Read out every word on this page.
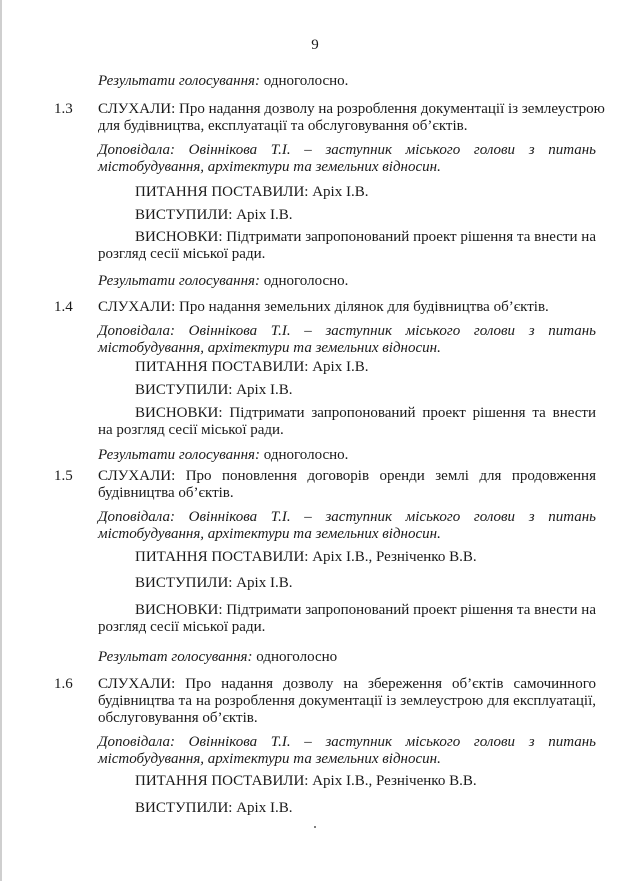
9
Результати голосування: одноголосно.
1.3 СЛУХАЛИ: Про надання дозволу на розроблення документації із землеустрою
для будівництва, експлуатації та обслуговування об’єктів.
Доповідала: Овіннікова Т.І. – заступник міського голови з питань
містобудування, архітектури та земельних відносин.
ПИТАННЯ ПОСТАВИЛИ: Аріх І.В.
ВИСТУПИЛИ: Аріх І.В.
ВИСНОВКИ: Підтримати запропонований проект рішення та внести на
розгляд сесії міської ради.
Результати голосування: одноголосно.
1.4 СЛУХАЛИ: Про надання земельних ділянок для будівництва об’єктів.
Доповідала: Овіннікова Т.І. – заступник міського голови з питань
містобудування, архітектури та земельних відносин.
ПИТАННЯ ПОСТАВИЛИ: Аріх І.В.
ВИСТУПИЛИ: Аріх І.В.
ВИСНОВКИ: Підтримати запропонований проект рішення та внести
на розгляд сесії міської ради.
Результати голосування: одноголосно.
1.5 СЛУХАЛИ: Про поновлення договорів оренди землі для продовження
будівництва об’єктів.
Доповідала: Овіннікова Т.І. – заступник міського голови з питань
містобудування, архітектури та земельних відносин.
ПИТАННЯ ПОСТАВИЛИ: Аріх І.В., Резніченко В.В.
ВИСТУПИЛИ: Аріх І.В.
ВИСНОВКИ: Підтримати запропонований проект рішення та внести на
розгляд сесії міської ради.
Результат голосування: одноголосно
1.6 СЛУХАЛИ: Про надання дозволу на збереження об’єктів самочинного
будівництва та на розроблення документації із землеустрою для експлуатації,
обслуговування об’єктів.
Доповідала: Овіннікова Т.І. – заступник міського голови з питань
містобудування, архітектури та земельних відносин.
ПИТАННЯ ПОСТАВИЛИ: Аріх І.В., Резніченко В.В.
ВИСТУПИЛИ: Аріх І.В.
